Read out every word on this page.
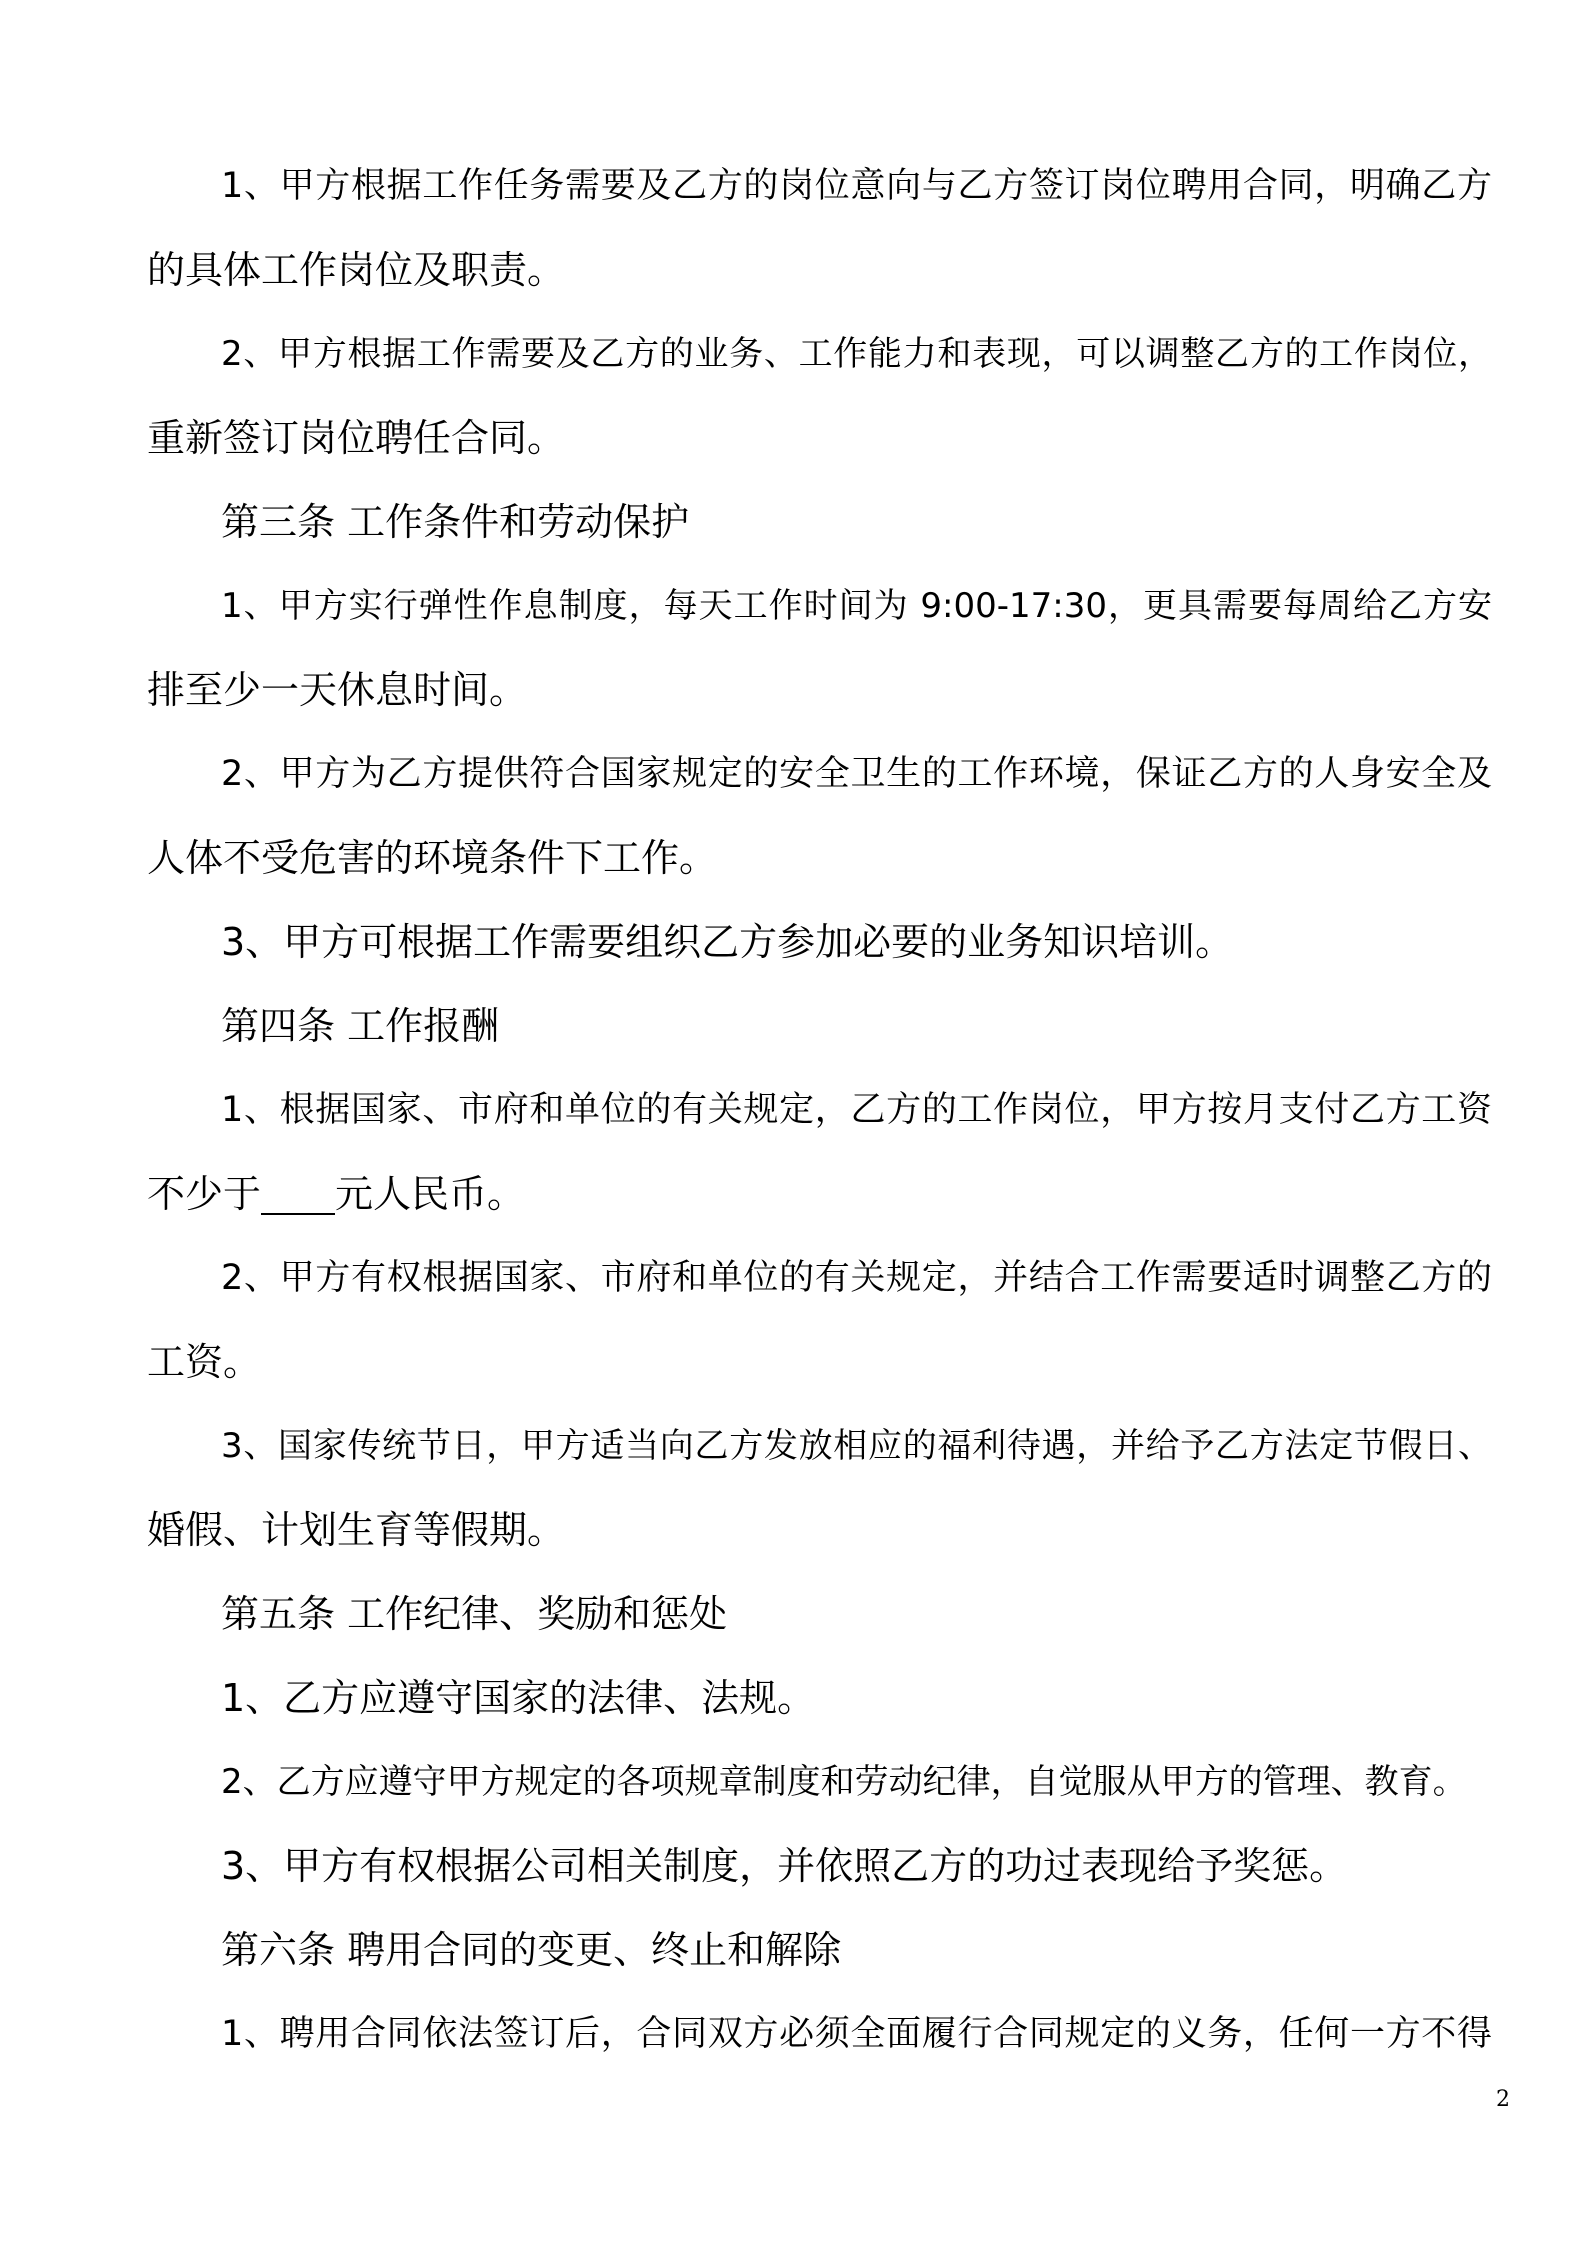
1、甲方根据工作任务需要及乙方的岗位意向与乙方签订岗位聘用合同，明确乙方
的具体工作岗位及职责。
2、甲方根据工作需要及乙方的业务、工作能力和表现，可以调整乙方的工作岗位，
重新签订岗位聘任合同。
第三条 工作条件和劳动保护
1、甲方实行弹性作息制度，每天工作时间为 9:00-17:30，更具需要每周给乙方安
排至少一天休息时间。
2、甲方为乙方提供符合国家规定的安全卫生的工作环境，保证乙方的人身安全及
人体不受危害的环境条件下工作。
3、甲方可根据工作需要组织乙方参加必要的业务知识培训。
第四条 工作报酬
1、根据国家、市府和单位的有关规定，乙方的工作岗位，甲方按月支付乙方工资
不少于 元人民币。
2、甲方有权根据国家、市府和单位的有关规定，并结合工作需要适时调整乙方的
工资。
3、国家传统节日，甲方适当向乙方发放相应的福利待遇，并给予乙方法定节假日、
婚假、计划生育等假期。
第五条 工作纪律、奖励和惩处
1、乙方应遵守国家的法律、法规。
2、乙方应遵守甲方规定的各项规章制度和劳动纪律，自觉服从甲方的管理、教育。
3、甲方有权根据公司相关制度，并依照乙方的功过表现给予奖惩。
第六条 聘用合同的变更、终止和解除
1、聘用合同依法签订后，合同双方必须全面履行合同规定的义务，任何一方不得
2
